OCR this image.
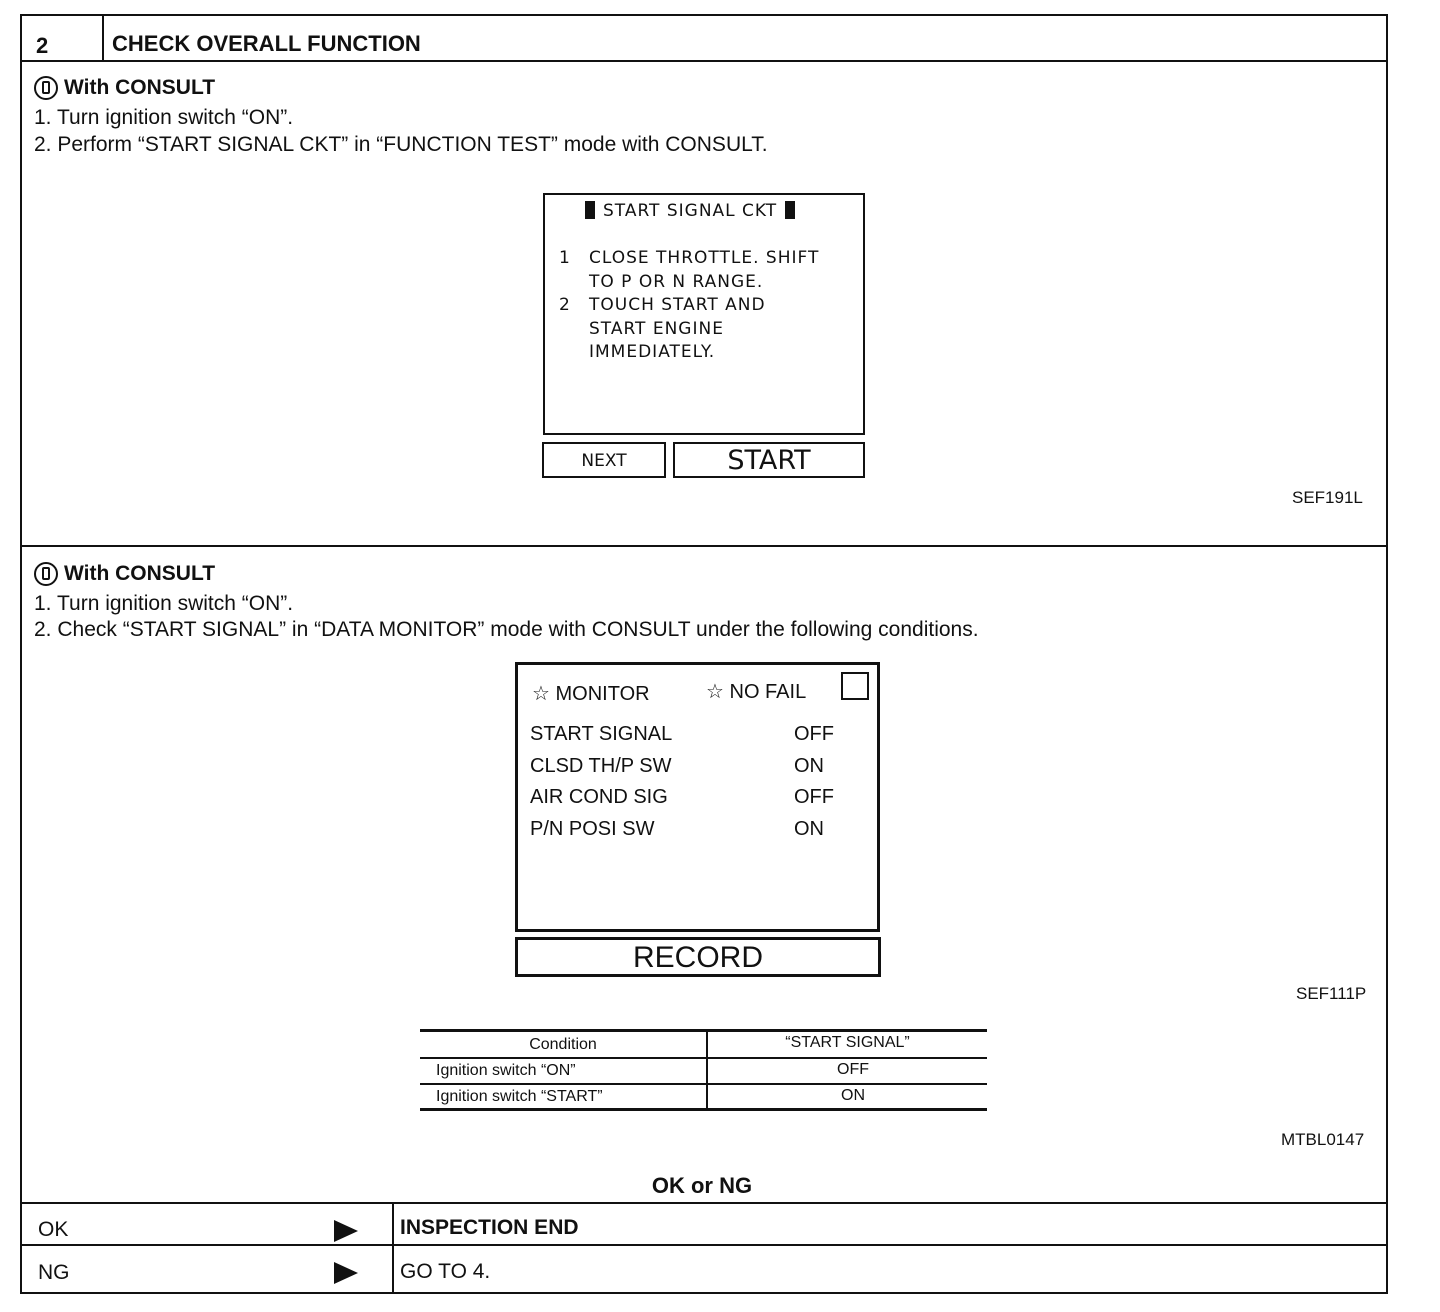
2	CHECK OVERALL FUNCTION
With CONSULT
1. Turn ignition switch “ON”.
2. Perform “START SIGNAL CKT” in “FUNCTION TEST” mode with CONSULT.
START SIGNAL CKT
1	CLOSE THROTTLE. SHIFT
TO P OR N RANGE.
2	TOUCH START AND
START ENGINE
IMMEDIATELY.
NEXT	START
SEF191L
With CONSULT
1. Turn ignition switch “ON”.
2. Check “START SIGNAL” in “DATA MONITOR” mode with CONSULT under the following conditions.
☆ MONITOR	☆ NO FAIL
START SIGNAL	OFF
CLSD TH/P SW	ON
AIR COND SIG	OFF
P/N POSI SW	ON
RECORD
SEF111P
Condition	“START SIGNAL”
Ignition switch “ON”	OFF
Ignition switch “START”	ON
MTBL0147
OK or NG
OK	INSPECTION END
NG	GO TO 4.
